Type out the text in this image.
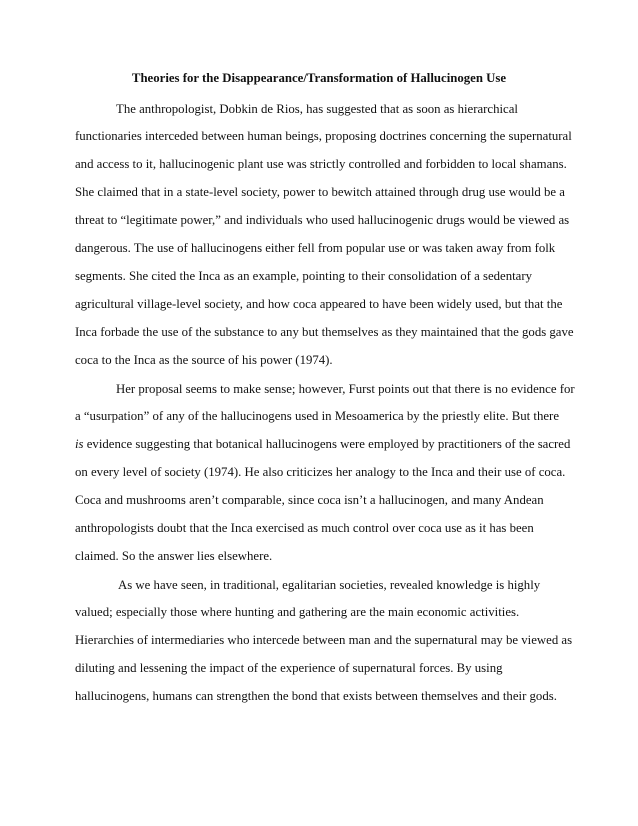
Theories for the Disappearance/Transformation of Hallucinogen Use
The anthropologist, Dobkin de Rios, has suggested that as soon as hierarchical
functionaries interceded between human beings, proposing doctrines concerning the supernatural
and access to it, hallucinogenic plant use was strictly controlled and forbidden to local shamans.
She claimed that in a state-level society, power to bewitch attained through drug use would be a
threat to “legitimate power,” and individuals who used hallucinogenic drugs would be viewed as
dangerous. The use of hallucinogens either fell from popular use or was taken away from folk
segments. She cited the Inca as an example, pointing to their consolidation of a sedentary
agricultural village-level society, and how coca appeared to have been widely used, but that the
Inca forbade the use of the substance to any but themselves as they maintained that the gods gave
coca to the Inca as the source of his power (1974).
Her proposal seems to make sense; however, Furst points out that there is no evidence for
a “usurpation” of any of the hallucinogens used in Mesoamerica by the priestly elite. But there
is evidence suggesting that botanical hallucinogens were employed by practitioners of the sacred
on every level of society (1974). He also criticizes her analogy to the Inca and their use of coca.
Coca and mushrooms aren’t comparable, since coca isn’t a hallucinogen, and many Andean
anthropologists doubt that the Inca exercised as much control over coca use as it has been
claimed. So the answer lies elsewhere.
As we have seen, in traditional, egalitarian societies, revealed knowledge is highly
valued; especially those where hunting and gathering are the main economic activities.
Hierarchies of intermediaries who intercede between man and the supernatural may be viewed as
diluting and lessening the impact of the experience of supernatural forces. By using
hallucinogens, humans can strengthen the bond that exists between themselves and their gods.
